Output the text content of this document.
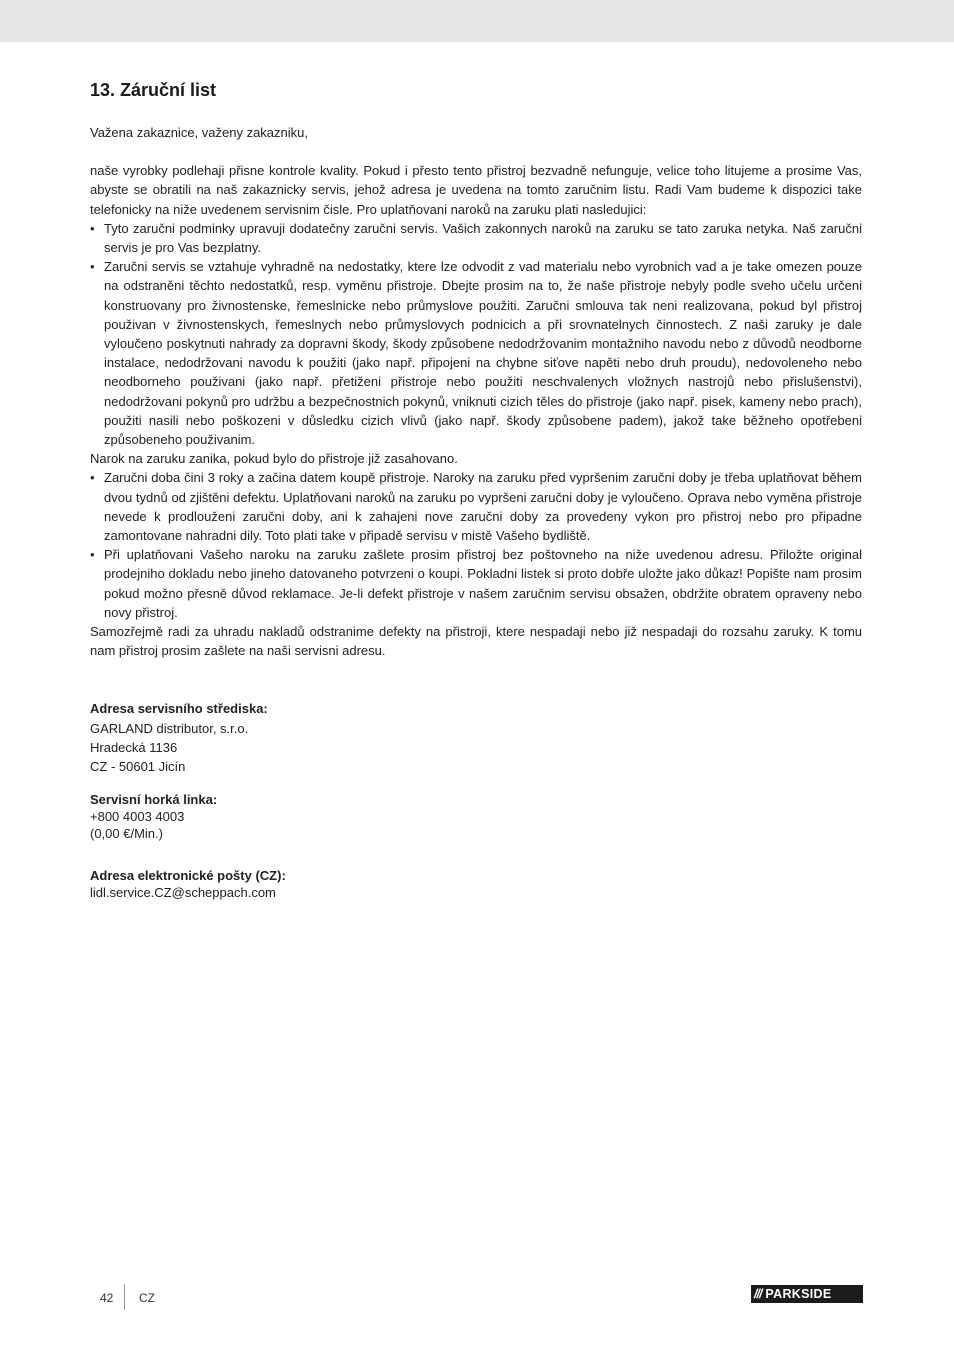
13. Záruční list

Važena zakaznice, važeny zakazniku,

naše vyrobky podlehaji přisne kontrole kvality. Pokud i přesto tento přistroj bezvadně nefunguje, velice toho litujeme a prosime Vas, abyste se obratili na naš zakaznicky servis, jehož adresa je uvedena na tomto zaručnim listu. Radi Vam budeme k dispozici take telefonicky na niže uvedenem servisnim čisle. Pro uplatňovani naroků na zaruku plati nasledujici:

• Tyto zaručni podminky upravuji dodatečny zaručni servis. Vašich zakonnych naroků na zaruku se tato zaruka netyka. Naš zaručni servis je pro Vas bezplatny.
• Zaručni servis se vztahuje vyhradně na nedostatky, ktere lze odvodit z vad materialu nebo vyrobnich vad a je take omezen pouze na odstraněni těchto nedostatků, resp. vyměnu přistroje. Dbejte prosim na to, že naše přistroje nebyly podle sveho učelu určeni konstruovany pro živnostenske, řemeslnicke nebo průmyslove použiti. Zaručni smlouva tak neni realizovana, pokud byl přistroj použivan v živnostenskych, řemeslnych nebo průmyslovych podnicich a při srovnatelnych činnostech. Z naši zaruky je dale vyloučeno poskytnuti nahrady za dopravni škody, škody způsobene nedodržovanim montažniho navodu nebo z důvodů neodborne instalace, nedodržovani navodu k použiti (jako např. připojeni na chybne siťove napěti nebo druh proudu), nedovoleneho nebo neodborneho použivani (jako např. přetiženi přistroje nebo použiti neschvalenych vložnych nastrojů nebo přislušenstvi), nedodržovani pokynů pro udržbu a bezpečnostnich pokynů, vniknuti cizich těles do přistroje (jako např. pisek, kameny nebo prach), použiti nasili nebo poškozeni v důsledku cizich vlivů (jako např. škody způsobene padem), jakož take běžneho opotřebeni způsobeneho použivanim.

Narok na zaruku zanika, pokud bylo do přistroje již zasahovano.

• Zaručni doba čini 3 roky a začina datem koupě přistroje. Naroky na zaruku před vypršenim zaručni doby je třeba uplatňovat během dvou tydnů od zjištěni defektu. Uplatňovani naroků na zaruku po vypršeni zaručni doby je vyloučeno. Oprava nebo vyměna přistroje nevede k prodlouženi zaručni doby, ani k zahajeni nove zaručni doby za provedeny vykon pro přistroj nebo pro připadne zamontovane nahradni dily. Toto plati take v připadě servisu v mistě Vašeho bydliště.
• Při uplatňovani Vašeho naroku na zaruku zašlete prosim přistroj bez poštovneho na niže uvedenou adresu. Přiložte original prodejniho dokladu nebo jineho datovaneho potvrzeni o koupi. Pokladni listek si proto dobře uložte jako důkaz! Popište nam prosim pokud možno přesně důvod reklamace. Je-li defekt přistroje v našem zaručnim servisu obsažen, obdržite obratem opraveny nebo novy přistroj.

Samozřejmě radi za uhradu nakladů odstranime defekty na přistroji, ktere nespadaji nebo již nespadaji do rozsahu zaruky. K tomu nam přistroj prosim zašlete na naši servisni adresu.

Adresa servisního střediska:
GARLAND distributor, s.r.o.
Hradecká 1136
CZ - 50601 Jicín
Servisní horká linka:
+800 4003 4003
(0,00 €/Min.)
Adresa elektronické pošty (CZ):
lidl.service.CZ@scheppach.com
42 CZ	/// PARKSIDE
